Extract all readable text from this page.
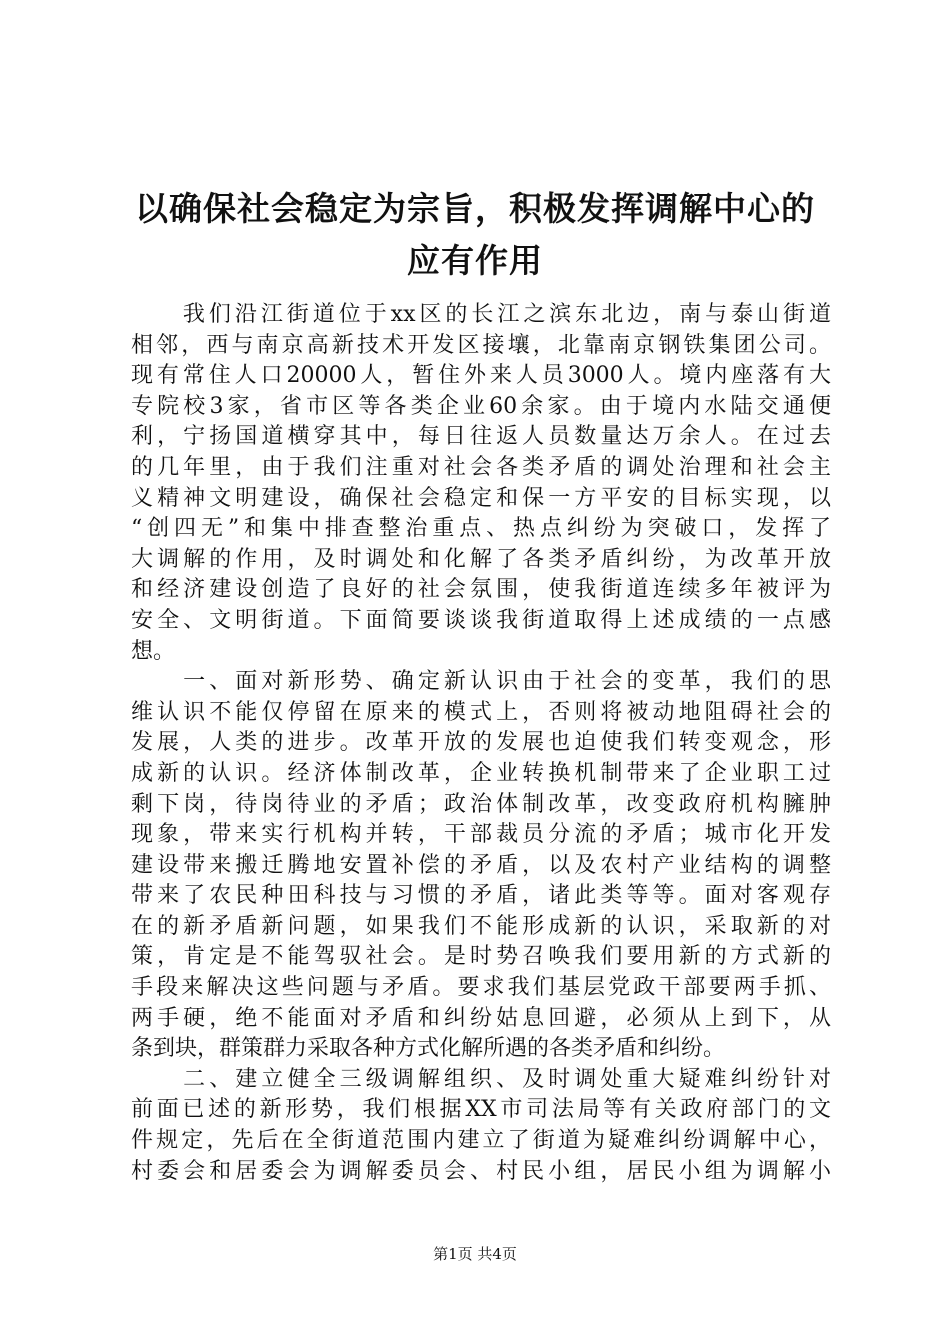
以确保社会稳定为宗旨，积极发挥调解中心的
应有作用
　　我们沿江街道位于xx区的长江之滨东北边，南与泰山街道
相邻，西与南京高新技术开发区接壤，北靠南京钢铁集团公司。
现有常住人口20000人，暂住外来人员3000人。境内座落有大
专院校3家，省市区等各类企业60余家。由于境内水陆交通便
利，宁扬国道横穿其中，每日往返人员数量达万余人。在过去
的几年里，由于我们注重对社会各类矛盾的调处治理和社会主
义精神文明建设，确保社会稳定和保一方平安的目标实现，以
“创四无”和集中排查整治重点、热点纠纷为突破口，发挥了
大调解的作用，及时调处和化解了各类矛盾纠纷，为改革开放
和经济建设创造了良好的社会氛围，使我街道连续多年被评为
安全、文明街道。下面简要谈谈我街道取得上述成绩的一点感
想。
　　一、面对新形势、确定新认识由于社会的变革，我们的思
维认识不能仅停留在原来的模式上，否则将被动地阻碍社会的
发展，人类的进步。改革开放的发展也迫使我们转变观念，形
成新的认识。经济体制改革，企业转换机制带来了企业职工过
剩下岗，待岗待业的矛盾；政治体制改革，改变政府机构臃肿
现象，带来实行机构并转，干部裁员分流的矛盾；城市化开发
建设带来搬迁腾地安置补偿的矛盾，以及农村产业结构的调整
带来了农民种田科技与习惯的矛盾，诸此类等等。面对客观存
在的新矛盾新问题，如果我们不能形成新的认识，采取新的对
策，肯定是不能驾驭社会。是时势召唤我们要用新的方式新的
手段来解决这些问题与矛盾。要求我们基层党政干部要两手抓、
两手硬，绝不能面对矛盾和纠纷姑息回避，必须从上到下，从
条到块，群策群力采取各种方式化解所遇的各类矛盾和纠纷。
　　二、建立健全三级调解组织、及时调处重大疑难纠纷针对
前面已述的新形势，我们根据XX市司法局等有关政府部门的文
件规定，先后在全街道范围内建立了街道为疑难纠纷调解中心，
村委会和居委会为调解委员会、村民小组，居民小组为调解小
第1页 共4页
